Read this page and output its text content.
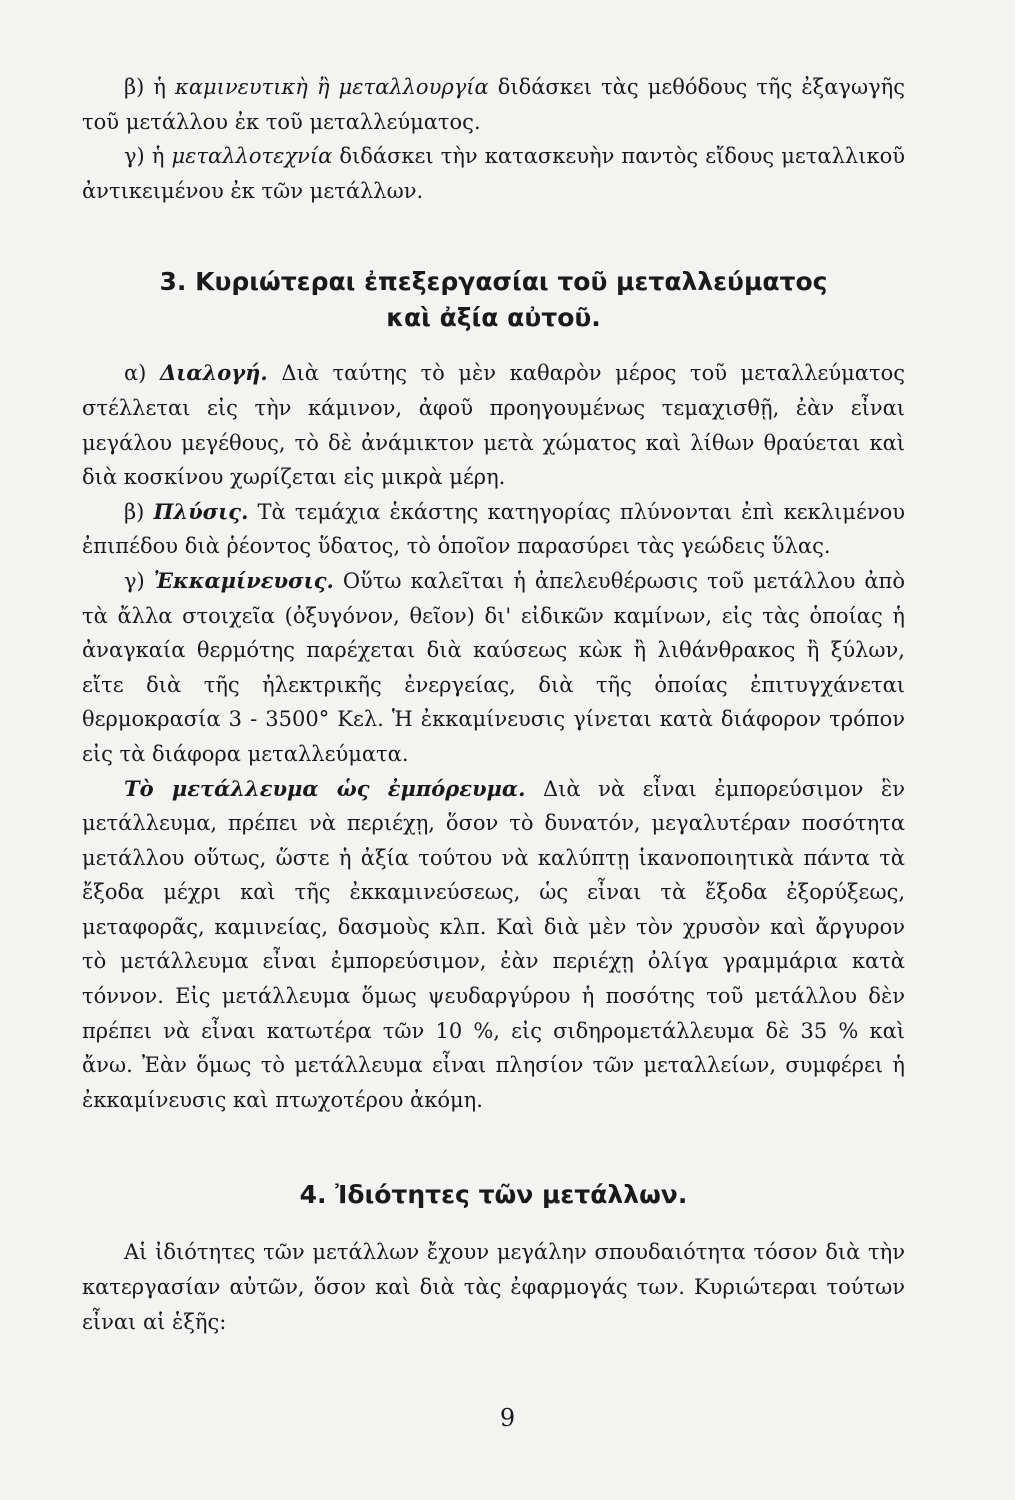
β) ἡ καμινευτικὴ ἢ μεταλλουργία διδάσκει τὰς μεθόδους τῆς ἐξαγωγῆς τοῦ μετάλλου ἐκ τοῦ μεταλλεύματος.

γ) ἡ μεταλλοτεχνία διδάσκει τὴν κατασκευὴν παντὸς εἴδους μεταλλικοῦ ἀντικειμένου ἐκ τῶν μετάλλων.

3. Κυριώτεραι ἐπεξεργασίαι τοῦ μεταλλεύματος
καὶ ἀξία αὐτοῦ.

α) Διαλογή. Διὰ ταύτης τὸ μὲν καθαρὸν μέρος τοῦ μεταλλεύματος στέλλεται εἰς τὴν κάμινον, ἀφοῦ προηγουμένως τεμαχισθῇ, ἐὰν εἶναι μεγάλου μεγέθους, τὸ δὲ ἀνάμικτον μετὰ χώματος καὶ λίθων θραύεται καὶ διὰ κοσκίνου χωρίζεται εἰς μικρὰ μέρη.

β) Πλύσις. Τὰ τεμάχια ἑκάστης κατηγορίας πλύνονται ἐπὶ κεκλιμένου ἐπιπέδου διὰ ῥέοντος ὕδατος, τὸ ὁποῖον παρασύρει τὰς γεώδεις ὕλας.

γ) Ἐκκαμίνευσις. Οὕτω καλεῖται ἡ ἀπελευθέρωσις τοῦ μετάλλου ἀπὸ τὰ ἄλλα στοιχεῖα (ὀξυγόνον, θεῖον) δι' εἰδικῶν καμίνων, εἰς τὰς ὁποίας ἡ ἀναγκαία θερμότης παρέχεται διὰ καύσεως κὼκ ἢ λιθάνθρακος ἢ ξύλων, εἴτε διὰ τῆς ἠλεκτρικῆς ἐνεργείας, διὰ τῆς ὁποίας ἐπιτυγχάνεται θερμοκρασία 3 - 3500° Κελ. Ἡ ἐκκαμίνευσις γίνεται κατὰ διάφορον τρόπον εἰς τὰ διάφορα μεταλλεύματα.

Τὸ μετάλλευμα ὡς ἐμπόρευμα. Διὰ νὰ εἶναι ἐμπορεύσιμον ἓν μετάλλευμα, πρέπει νὰ περιέχῃ, ὅσον τὸ δυνατόν, μεγαλυτέραν ποσότητα μετάλλου οὕτως, ὥστε ἡ ἀξία τούτου νὰ καλύπτῃ ἱκανοποιητικὰ πάντα τὰ ἔξοδα μέχρι καὶ τῆς ἐκκαμινεύσεως, ὡς εἶναι τὰ ἔξοδα ἐξορύξεως, μεταφορᾶς, καμινείας, δασμοὺς κλπ. Καὶ διὰ μὲν τὸν χρυσὸν καὶ ἄργυρον τὸ μετάλλευμα εἶναι ἐμπορεύσιμον, ἐὰν περιέχῃ ὀλίγα γραμμάρια κατὰ τόννον. Εἰς μετάλλευμα ὅμως ψευδαργύρου ἡ ποσότης τοῦ μετάλλου δὲν πρέπει νὰ εἶναι κατωτέρα τῶν 10 %, εἰς σιδηρομετάλλευμα δὲ 35 % καὶ ἄνω. Ἐὰν ὅμως τὸ μετάλλευμα εἶναι πλησίον τῶν μεταλλείων, συμφέρει ἡ ἐκκαμίνευσις καὶ πτωχοτέρου ἀκόμη.

4. Ἰδιότητες τῶν μετάλλων.

Αἱ ἰδιότητες τῶν μετάλλων ἔχουν μεγάλην σπουδαιότητα τόσον διὰ τὴν κατεργασίαν αὐτῶν, ὅσον καὶ διὰ τὰς ἐφαρμογάς των. Κυριώτεραι τούτων εἶναι αἱ ἑξῆς:

9
